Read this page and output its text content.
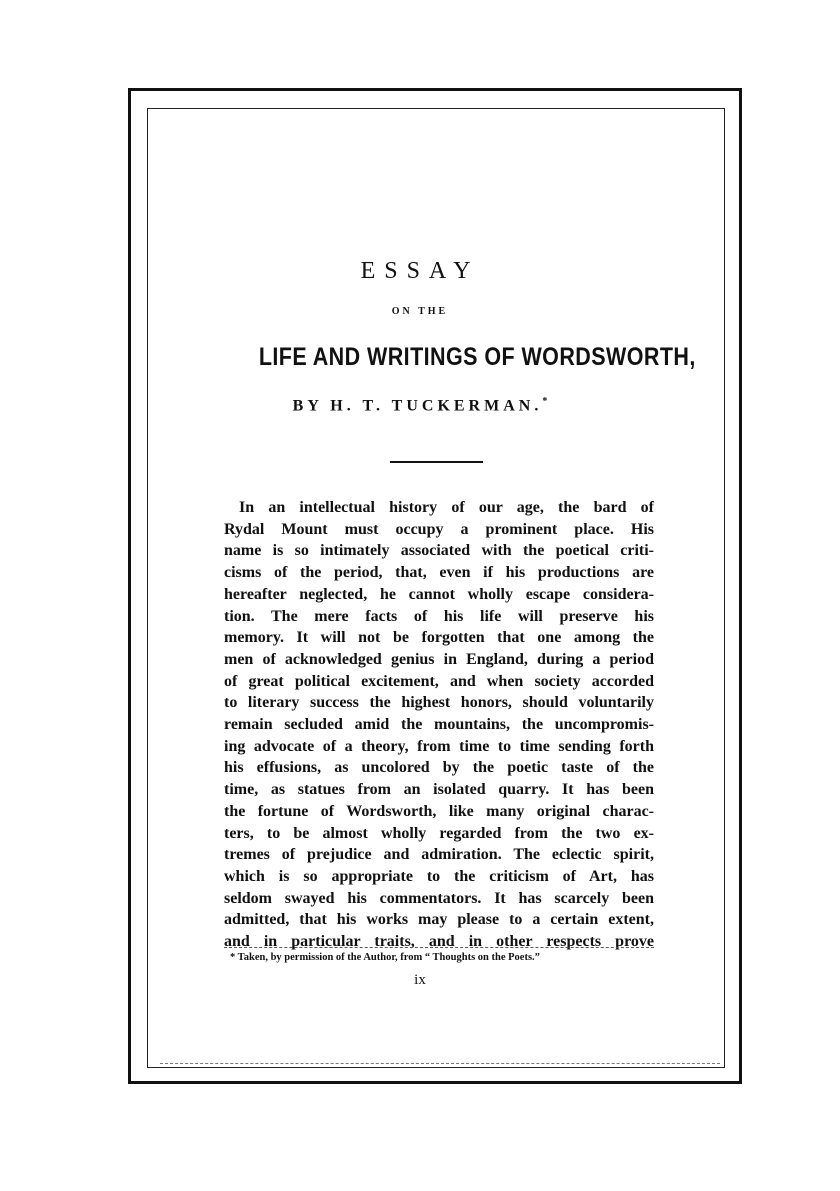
ESSAY
ON THE
LIFE AND WRITINGS OF WORDSWORTH,
BY H. T. TUCKERMAN.*
In an intellectual history of our age, the bard of
Rydal Mount must occupy a prominent place. His
name is so intimately associated with the poetical criti-
cisms of the period, that, even if his productions are
hereafter neglected, he cannot wholly escape considera-
tion. The mere facts of his life will preserve his
memory. It will not be forgotten that one among the
men of acknowledged genius in England, during a period
of great political excitement, and when society accorded
to literary success the highest honors, should voluntarily
remain secluded amid the mountains, the uncompromis-
ing advocate of a theory, from time to time sending forth
his effusions, as uncolored by the poetic taste of the
time, as statues from an isolated quarry. It has been
the fortune of Wordsworth, like many original charac-
ters, to be almost wholly regarded from the two ex-
tremes of prejudice and admiration. The eclectic spirit,
which is so appropriate to the criticism of Art, has
seldom swayed his commentators. It has scarcely been
admitted, that his works may please to a certain extent,
and in particular traits, and in other respects prove
* Taken, by permission of the Author, from “ Thoughts on the Poets.”
ix
